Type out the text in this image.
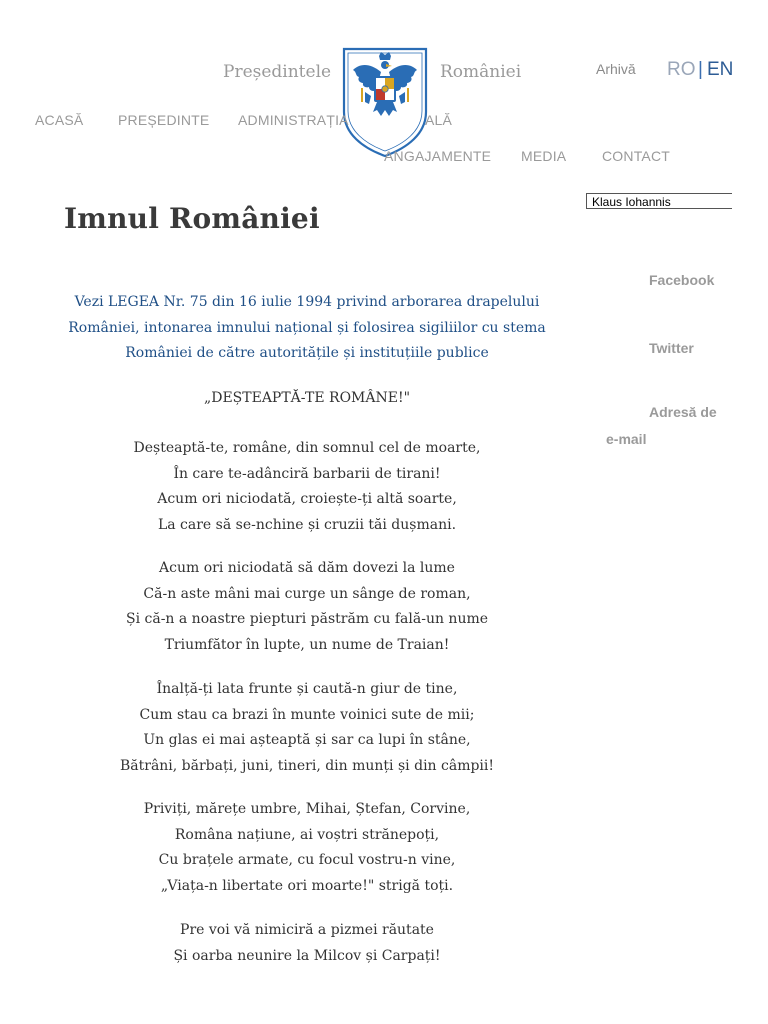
Președintele	României	Arhivă RO | EN
ACASĂ PREȘEDINTE ADMINISTRAȚIA	ALĂ
ANGAJAMENTE MEDIA	CONTACT
Klaus Iohannis
Imnul României
Facebook
Twitter
Adresă de
e-mail
Vezi LEGEA Nr. 75 din 16 iulie 1994 privind arborarea drapelului
României, intonarea imnului național și folosirea sigiliilor cu stema
României de către autoritățile și instituțiile publice
„DEȘTEAPTĂ-TE ROMÂNE!"
Deșteaptă-te, române, din somnul cel de moarte,
În care te-adânciră barbarii de tirani!
Acum ori niciodată, croiește-ți altă soarte,
La care să se-nchine și cruzii tăi dușmani.
Acum ori niciodată să dăm dovezi la lume
Că-n aste mâni mai curge un sânge de roman,
Și că-n a noastre piepturi păstrăm cu fală-un nume
Triumfător în lupte, un nume de Traian!
Înalță-ți lata frunte și caută-n giur de tine,
Cum stau ca brazi în munte voinici sute de mii;
Un glas ei mai așteaptă și sar ca lupi în stâne,
Bătrâni, bărbați, juni, tineri, din munți și din câmpii!
Priviți, mărețe umbre, Mihai, Ștefan, Corvine,
Româna națiune, ai voștri strănepoți,
Cu brațele armate, cu focul vostru-n vine,
„Viața-n libertate ori moarte!" strigă toți.
Pre voi vă nimiciră a pizmei răutate
Și oarba neunire la Milcov și Carpați!
